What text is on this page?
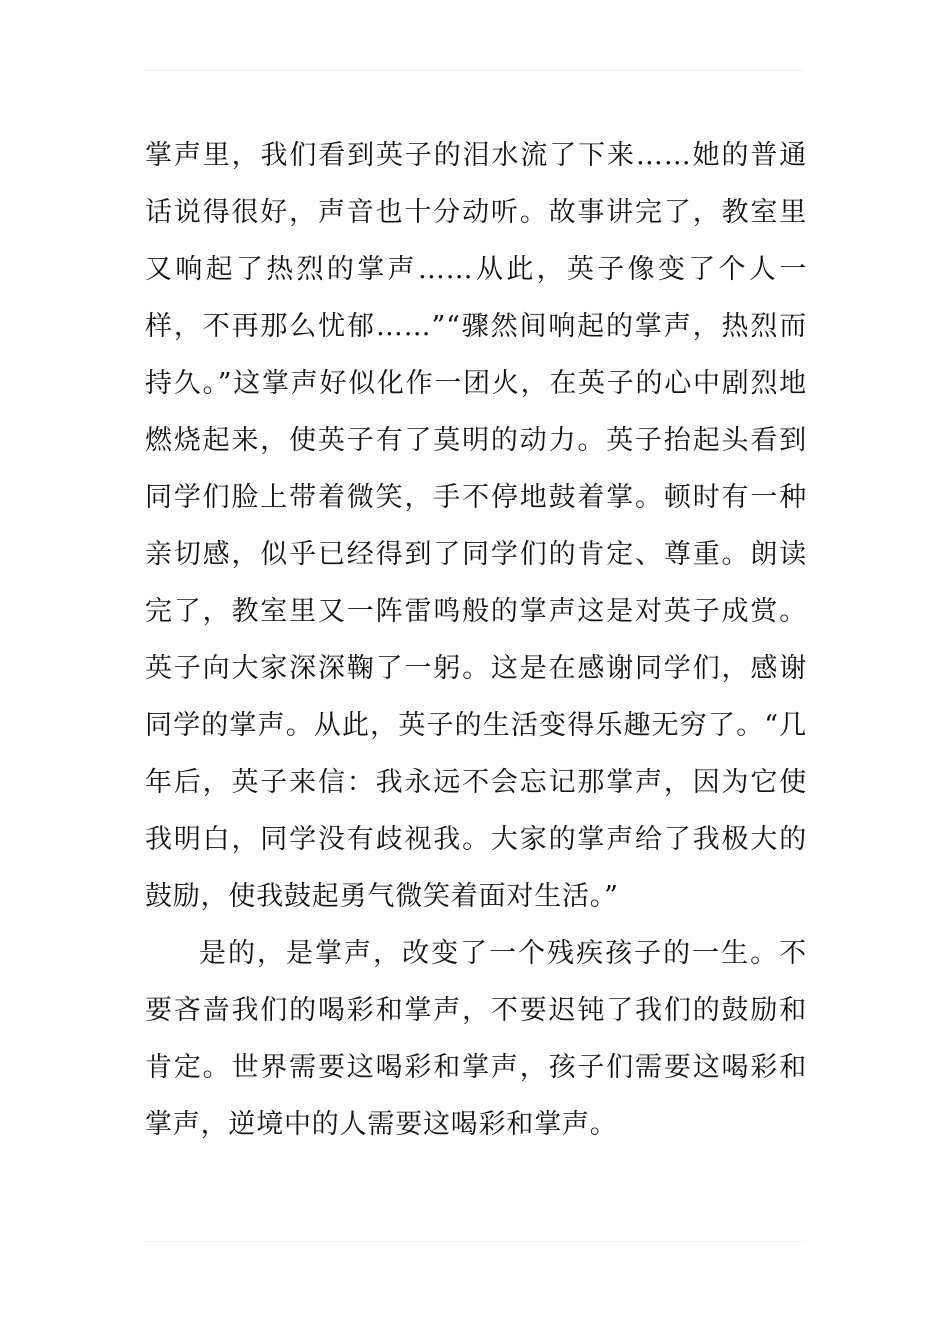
掌声里，我们看到英子的泪水流了下来……她的普通话说得很好，声音也十分动听。故事讲完了，教室里又响起了热烈的掌声……从此，英子像变了个人一样，不再那么忧郁……”“骤然间响起的掌声，热烈而持久。”这掌声好似化作一团火，在英子的心中剧烈地燃烧起来，使英子有了莫明的动力。英子抬起头看到同学们脸上带着微笑，手不停地鼓着掌。顿时有一种亲切感，似乎已经得到了同学们的肯定、尊重。朗读完了，教室里又一阵雷鸣般的掌声这是对英子成赏。英子向大家深深鞠了一躬。这是在感谢同学们，感谢同学的掌声。从此，英子的生活变得乐趣无穷了。“几年后，英子来信：我永远不会忘记那掌声，因为它使我明白，同学没有歧视我。大家的掌声给了我极大的鼓励，使我鼓起勇气微笑着面对生活。”

是的，是掌声，改变了一个残疾孩子的一生。不要吝啬我们的喝彩和掌声，不要迟钝了我们的鼓励和肯定。世界需要这喝彩和掌声，孩子们需要这喝彩和掌声，逆境中的人需要这喝彩和掌声。
